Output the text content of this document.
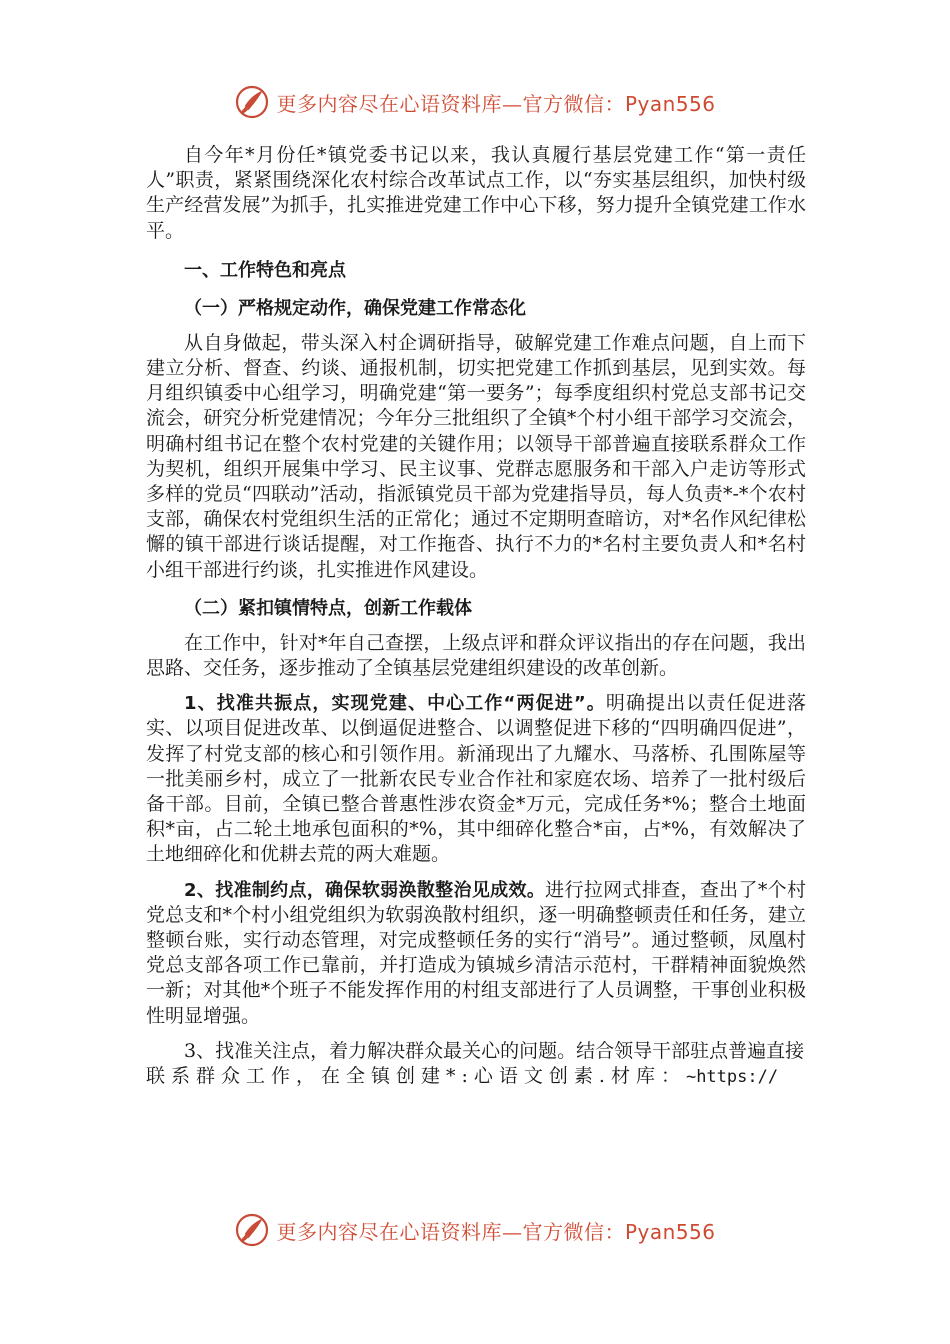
更多内容尽在心语资料库—官方微信：Pyan556

自今年*月份任*镇党委书记以来，我认真履行基层党建工作“第一责任人”职责，紧紧围绕深化农村综合改革试点工作，以“夯实基层组织，加快村级生产经营发展”为抓手，扎实推进党建工作中心下移，努力提升全镇党建工作水平。

一、工作特色和亮点
（一）严格规定动作，确保党建工作常态化

从自身做起，带头深入村企调研指导，破解党建工作难点问题，自上而下建立分析、督查、约谈、通报机制，切实把党建工作抓到基层，见到实效。每月组织镇委中心组学习，明确党建“第一要务”；每季度组织村党总支部书记交流会，研究分析党建情况；今年分三批组织了全镇*个村小组干部学习交流会，明确村组书记在整个农村党建的关键作用；以领导干部普遍直接联系群众工作为契机，组织开展集中学习、民主议事、党群志愿服务和干部入户走访等形式多样的党员“四联动”活动，指派镇党员干部为党建指导员，每人负责*-*个农村支部，确保农村党组织生活的正常化；通过不定期明查暗访，对*名作风纪律松懈的镇干部进行谈话提醒，对工作拖沓、执行不力的*名村主要负责人和*名村小组干部进行约谈，扎实推进作风建设。

（二）紧扣镇情特点，创新工作载体

在工作中，针对*年自己查摆，上级点评和群众评议指出的存在问题，我出思路、交任务，逐步推动了全镇基层党建组织建设的改革创新。

1、找准共振点，实现党建、中心工作“两促进”。明确提出以责任促进落实、以项目促进改革、以倒逼促进整合、以调整促进下移的“四明确四促进”，发挥了村党支部的核心和引领作用。新涌现出了九耀水、马落桥、孔围陈屋等一批美丽乡村，成立了一批新农民专业合作社和家庭农场、培养了一批村级后备干部。目前，全镇已整合普惠性涉农资金*万元，完成任务*%；整合土地面积*亩，占二轮土地承包面积的*%，其中细碎化整合*亩，占*%，有效解决了土地细碎化和优耕去荒的两大难题。

2、找准制约点，确保软弱涣散整治见成效。进行拉网式排查，查出了*个村党总支和*个村小组党组织为软弱涣散村组织，逐一明确整顿责任和任务，建立整顿台账，实行动态管理，对完成整顿任务的实行“消号”。通过整顿，凤凰村党总支部各项工作已靠前，并打造成为镇城乡清洁示范村，干群精神面貌焕然一新；对其他*个班子不能发挥作用的村组支部进行了人员调整，干事创业积极性明显增强。

3、找准关注点，着力解决群众最关心的问题。结合领导干部驻点普遍直接

联系群众工作，在全镇创建*:心语文创素.材库：~https://

更多内容尽在心语资料库—官方微信：Pyan556
